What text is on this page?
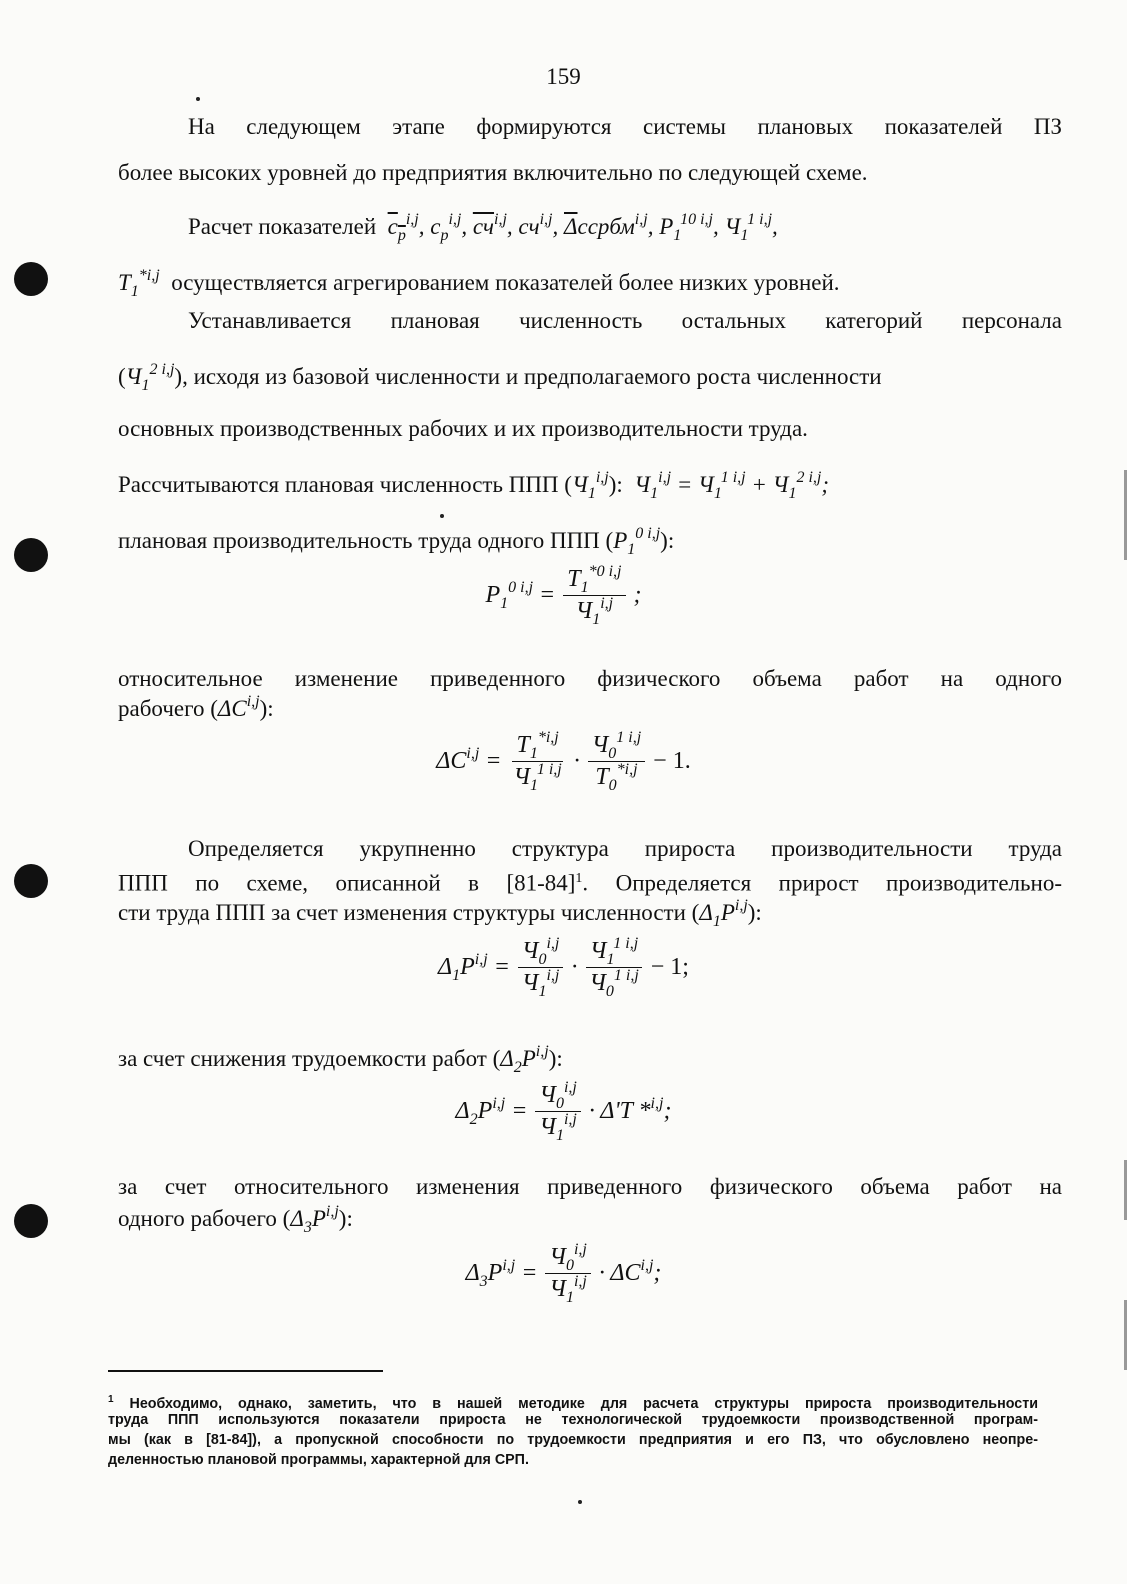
159
На следующем этапе формируются системы плановых показателей ПЗ
более высоких уровней до предприятия включительно по следующей схеме.
Расчет показателей $c_p^{i,j}$, $c_p^{i,j}$, cч$^{i,j}$, cч$^{i,j}$, $\overline{\Delta}ccрбм^{i,j}$, $P_1^{10 i,j}$, $Ч_1^{1 i,j}$,
$T_1^{*i,j}$ осуществляется агрегированием показателей более низких уровней.
Устанавливается плановая численность остальных категорий персонала
$(Ч_1^{2 i,j})$, исходя из базовой численности и предполагаемого роста численности
основных производственных рабочих и их производительности труда.
Рассчитываются плановая численность ППП $(Ч_1^{i,j})$:  $Ч_1^{i,j} = Ч_1^{1 i,j} + Ч_1^{2 i,j}$;
плановая производительность труда одного ППП $(P_1^{0 i,j})$:
$P_1^{0 i,j} = \frac{T_1^{*0 i,j}}{Ч_1^{i,j}}$ ;
относительное изменение приведенного физического объема работ на одного
рабочего (ΔC$^{i,j}$):
$\Delta C^{i,j} = \frac{T_1^{*i,j}}{Ч_1^{1 i,j}} \cdot \frac{Ч_0^{1 i,j}}{T_0^{*i,j}} - 1$.
Определяется укрупненно структура прироста производительности труда
ППП по схеме, описанной в $[81-84]^1$. Определяется прирост производительно-
сти труда ППП за счет изменения структуры численности $(\Delta_1P^{i,j})$:
$\Delta_1P^{i,j} = \frac{Ч_0^{i,j}}{Ч_1^{i,j}} \cdot \frac{Ч_1^{1 i,j}}{Ч_0^{1 i,j}} - 1$;
за счет снижения трудоемкости работ $(\Delta_2P^{i,j})$:
$\Delta_2P^{i,j} = \frac{Ч_0^{i,j}}{Ч_1^{i,j}} \cdot \Delta'T$ *$^{i,j}$;
за счет относительного изменения приведенного физического объема работ на
одного рабочего $(\Delta_3P^{i,j})$:
$\Delta_3P^{i,j} = \frac{Ч_0^{i,j}}{Ч_1^{i,j}} \cdot \Delta C^{i,j}$;
$^1$ Необходимо, однако, заметить, что в нашей методике для расчета структуры прироста производительности
труда ППП используются показатели прироста не технологической трудоемкости производственной програм-
мы (как в [81-84]), а пропускной способности по трудоемкости предприятия и его ПЗ, что обусловлено неопре-
деленностью плановой программы, характерной для СРП.
